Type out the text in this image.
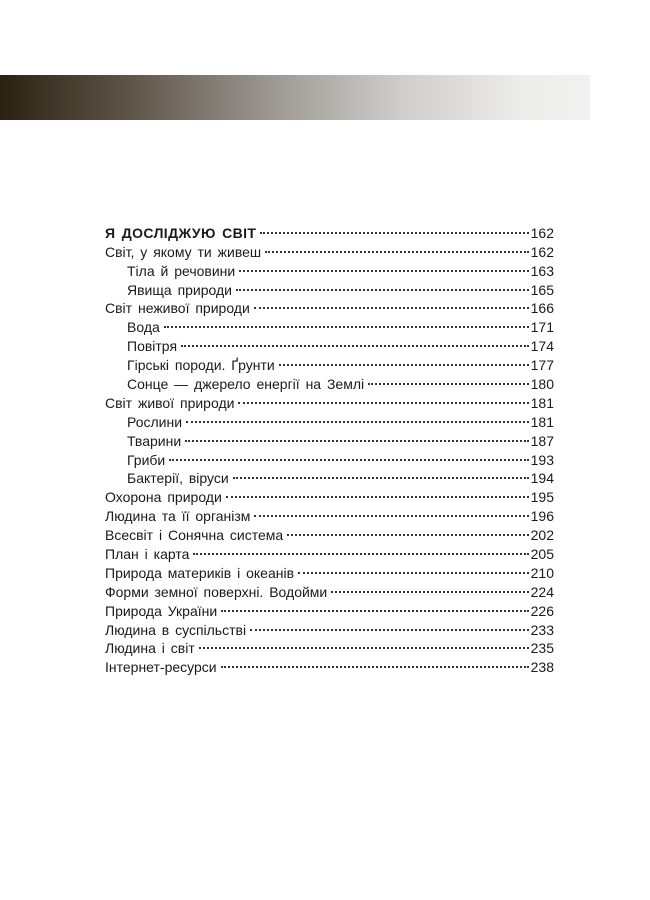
Я ДОСЛІДЖУЮ СВІТ	162
Світ, у якому ти живеш	162
Тіла й речовини	163
Явища природи	165
Світ неживої природи	166
Вода	171
Повітря	174
Гірські породи. Ґрунти	177
Сонце — джерело енергії на Землі	180
Світ живої природи	181
Рослини	181
Тварини	187
Гриби	193
Бактерії, віруси	194
Охорона природи	195
Людина та її організм	196
Всесвіт і Сонячна система	202
План і карта	205
Природа материків і океанів	210
Форми земної поверхні. Водойми	224
Природа України	226
Людина в суспільстві	233
Людина і світ	235
Інтернет-ресурси	238
